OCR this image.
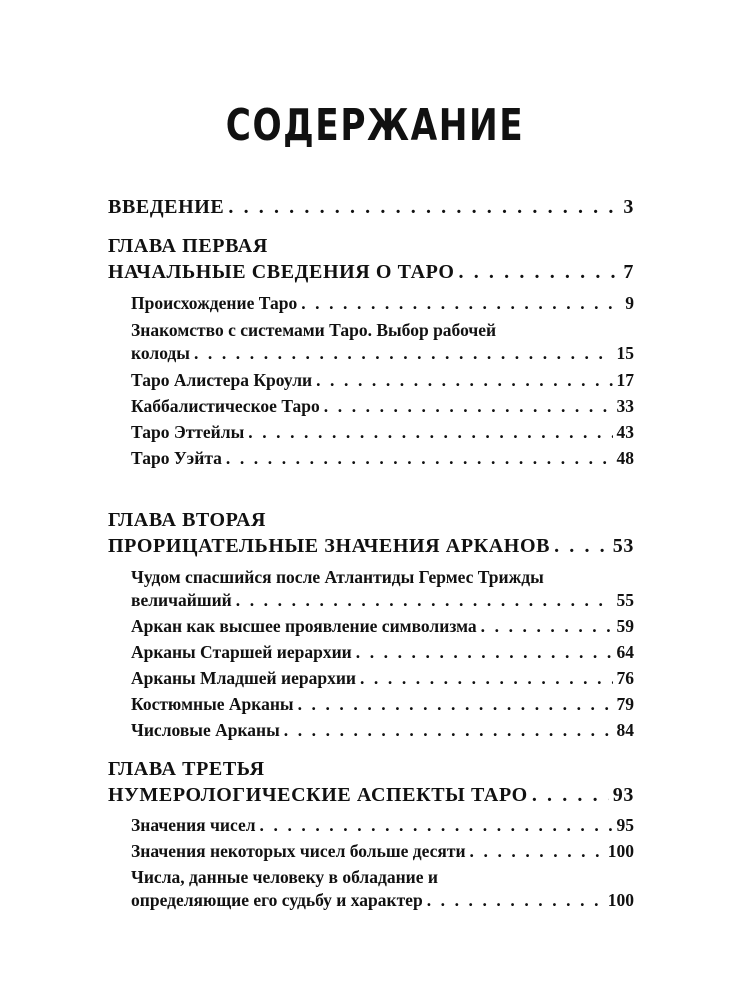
СОДЕРЖАНИЕ
ВВЕДЕНИЕ . . .	3
ГЛАВА ПЕРВАЯ
НАЧАЛЬНЫЕ СВЕДЕНИЯ О ТАРО . . .	7
Происхождение Таро . . .	9
Знакомство с системами Таро. Выбор рабочей
колоды . . .	15
Таро Алистера Кроули . . .	17
Каббалистическое Таро . . .	33
Таро Эттейлы . . .	43
Таро Уэйта . . .	48
ГЛАВА ВТОРАЯ
ПРОРИЦАТЕЛЬНЫЕ ЗНАЧЕНИЯ АРКАНОВ . . .	53
Чудом спасшийся после Атлантиды Гермес Трижды
величайший . . .	55
Аркан как высшее проявление символизма . . .	59
Арканы Старшей иерархии . . .	64
Арканы Младшей иерархии . . .	76
Костюмные Арканы . . .	79
Числовые Арканы . . .	84
ГЛАВА ТРЕТЬЯ
НУМЕРОЛОГИЧЕСКИЕ АСПЕКТЫ ТАРО . . .	93
Значения чисел . . .	95
Значения некоторых чисел больше десяти . . .	100
Числа, данные человеку в обладание и
определяющие его судьбу и характер . . .	100
